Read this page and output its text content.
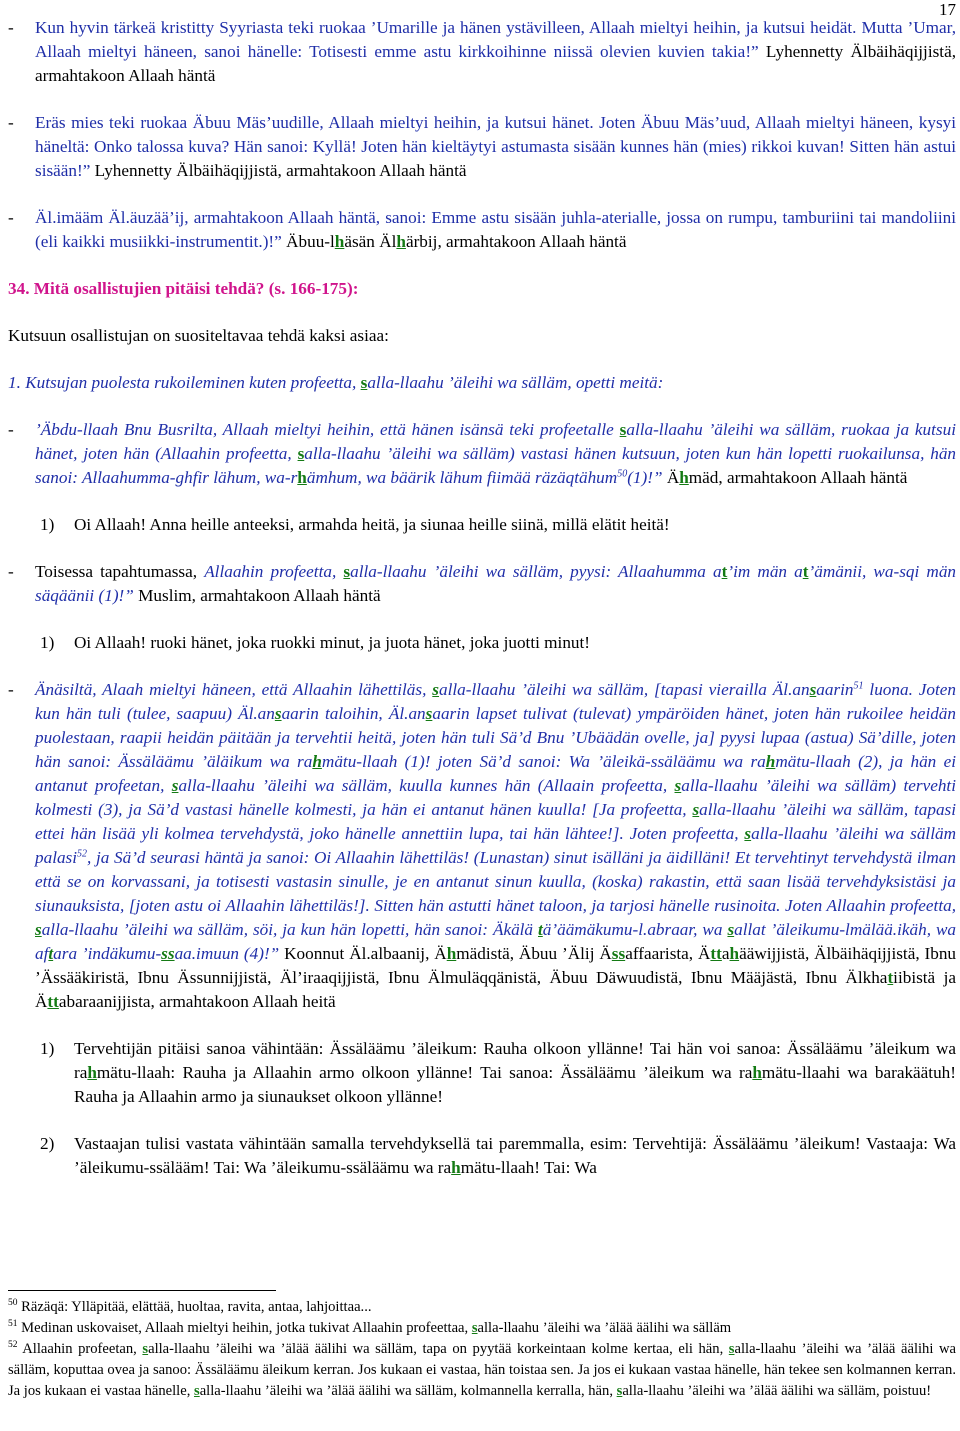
17

- Kun hyvin tärkeä kristitty Syyriasta teki ruokaa ’Umarille ja hänen ystävilleen, Allaah mieltyi heihin, ja kutsui heidät. Mutta ’Umar, Allaah mieltyi häneen, sanoi hänelle: Totisesti emme astu kirkkoihinne niissä olevien kuvien takia!” Lyhennetty Älbäihäqijjistä, armahtakoon Allaah häntä

- Eräs mies teki ruokaa Äbuu Mäs’uudille, Allaah mieltyi heihin, ja kutsui hänet. Joten Äbuu Mäs’uud, Allaah mieltyi häneen, kysyi häneltä: Onko talossa kuva? Hän sanoi: Kyllä! Joten hän kieltäytyi astumasta sisään kunnes hän (mies) rikkoi kuvan! Sitten hän astui sisään!” Lyhennetty Älbäihäqijjistä, armahtakoon Allaah häntä

- Äl.imääm Äl.äuzää’ij, armahtakoon Allaah häntä, sanoi: Emme astu sisään juhla-aterialle, jossa on rumpu, tamburiini tai mandoliini (eli kaikki musiikki-instrumentit.)!” Äbuu-lhäsän Älhärbij, armahtakoon Allaah häntä

34. Mitä osallistujien pitäisi tehdä? (s. 166-175):

Kutsuun osallistujan on suositeltavaa tehdä kaksi asiaa:

1. Kutsujan puolesta rukoileminen kuten profeetta, salla-llaahu ’äleihi wa sälläm, opetti meitä:

- ’Äbdu-llaah Bnu Busrilta, Allaah mieltyi heihin, että hänen isänsä teki profeetalle salla-llaahu ’äleihi wa sälläm, ruokaa ja kutsui hänet, joten hän (Allaahin profeetta, salla-llaahu ’äleihi wa sälläm) vastasi hänen kutsuun, joten kun hän lopetti ruokailunsa, hän sanoi: Allaahumma-ghfir lähum, wa-rhämhum, wa bäärik lähum fiimää räzäqtähum$^{50}$(1)!” Ähmäd, armahtakoon Allaah häntä

1) Oi Allaah! Anna heille anteeksi, armahda heitä, ja siunaa heille siinä, millä elätit heitä!

- Toisessa tapahtumassa, Allaahin profeetta, salla-llaahu ’äleihi wa sälläm, pyysi: Allaahumma at’im män at’ämänii, wa-sqi män säqäänii (1)!” Muslim, armahtakoon Allaah häntä

1) Oi Allaah! ruoki hänet, joka ruokki minut, ja juota hänet, joka juotti minut!

- Änäsiltä, Alaah mieltyi häneen, että Allaahin lähettiläs, salla-llaahu ’äleihi wa sälläm, [tapasi vierailla Äl.ansaarin$^{51}$ luona. Joten kun hän tuli (tulee, saapuu) Äl.ansaarin taloihin, Äl.ansaarin lapset tulivat (tulevat) ympäröiden hänet, joten hän rukoilee heidän puolestaan, raapii heidän päitään ja tervehtii heitä, joten hän tuli Sä’d Bnu ’Ubäädän ovelle, ja] pyysi lupaa (astua) Sä’dille, joten hän sanoi: Ässäläämu ’äläikum wa rahmätu-llaah (1)! joten Sä’d sanoi: Wa ’äleikä-ssäläämu wa rahmätu-llaah (2), ja hän ei antanut profeetan, salla-llaahu ’äleihi wa sälläm, kuulla kunnes hän (Allaain profeetta, salla-llaahu ’äleihi wa sälläm) tervehti kolmesti (3), ja Sä’d vastasi hänelle kolmesti, ja hän ei antanut hänen kuulla! [Ja profeetta, salla-llaahu ’äleihi wa sälläm, tapasi ettei hän lisää yli kolmea tervehdystä, joko hänelle annettiin lupa, tai hän lähtee!]. Joten profeetta, salla-llaahu ’äleihi wa sälläm palasi$^{52}$, ja Sä’d seurasi häntä ja sanoi: Oi Allaahin lähettiläs! (Lunastan) sinut isälläni ja äidilläni! Et tervehtinyt tervehdystä ilman että se on korvassani, ja totisesti vastasin sinulle, je en antanut sinun kuulla, (koska) rakastin, että saan lisää tervehdyksistäsi ja siunauksista, [joten astu oi Allaahin lähettiläs!]. Sitten hän astutti hänet taloon, ja tarjosi hänelle rusinoita. Joten Allaahin profeetta, salla-llaahu ’äleihi wa sälläm, söi, ja kun hän lopetti, hän sanoi: Äkälä tä’äämäkumu-l.abraar, wa sallat ’äleikumu-lmälää.ikäh, wa aftara ’indäkumu-ssaa.imuun (4)!” Koonnut Äl.albaanij, Ähmädistä, Äbuu ’Älij Ässaffaarista, Ättahääwijjistä, Älbäihäqijjistä, Ibnu ’Ässääkiristä, Ibnu Ässunnijjistä, Äl’iraaqijjistä, Ibnu Älmuläqqänistä, Äbuu Däwuudistä, Ibnu Määjästä, Ibnu Älkhatiibistä ja Ättabaraanijjista, armahtakoon Allaah heitä

1) Tervehtijän pitäisi sanoa vähintään: Ässäläämu ’äleikum: Rauha olkoon yllänne! Tai hän voi sanoa: Ässäläämu ’äleikum wa rahmätu-llaah: Rauha ja Allaahin armo olkoon yllänne! Tai sanoa: Ässäläämu ’äleikum wa rahmätu-llaahi wa barakäätuh! Rauha ja Allaahin armo ja siunaukset olkoon yllänne!

2) Vastaajan tulisi vastata vähintään samalla tervehdyksellä tai paremmalla, esim: Tervehtijä: Ässäläämu ’äleikum! Vastaaja: Wa ’äleikumu-ssälääm! Tai: Wa ’äleikumu-ssäläämu wa rahmätu-llaah! Tai: Wa

$^{50}$ Räzäqä: Ylläpitää, elättää, huoltaa, ravita, antaa, lahjoittaa...

$^{51}$ Medinan uskovaiset, Allaah mieltyi heihin, jotka tukivat Allaahin profeettaa, salla-llaahu ’äleihi wa ’älää äälihi wa sälläm

$^{52}$ Allaahin profeetan, salla-llaahu ’äleihi wa ’älää äälihi wa sälläm, tapa on pyytää korkeintaan kolme kertaa, eli hän, salla-llaahu ’äleihi wa ’älää äälihi wa sälläm, koputtaa ovea ja sanoo: Ässäläämu äleikum kerran. Jos kukaan ei vastaa, hän toistaa sen. Ja jos ei kukaan vastaa hänelle, hän tekee sen kolmannen kerran. Ja jos kukaan ei vastaa hänelle, salla-llaahu ’äleihi wa ’älää äälihi wa sälläm, kolmannella kerralla, hän, salla-llaahu ’äleihi wa ’älää äälihi wa sälläm, poistuu!
